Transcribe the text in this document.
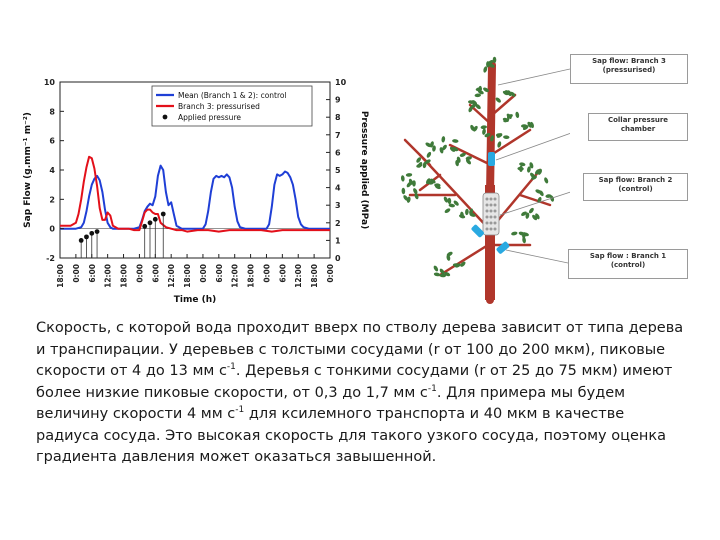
-2
0
2
4
6
8
10
0
1
2
3
4
5
6
7
8
9
10
18:00 0:00 6:00 12:00 18:00 0:00 6:00 12:00 18:00 0:00 6:00 12:00 18:00 0:00 6:00 12:00 18:00 0:00
Sap Flow (g.mm⁻¹ m⁻²)	Pressure applied (MPa)
Time (h)
Mean (Branch 1 & 2): control
Branch 3: pressurised
Applied pressure
Sap flow: Branch 3
(pressurised)
Collar pressure
chamber
Sap flow: Branch 2
(control)
Sap flow : Branch 1
(control)

Скорость, с которой вода проходит вверх по стволу дерева зависит от типа дерева и транспирации. У деревьев с толстыми сосудами (r от 100 до 200 мкм), пиковые скорости от 4 до 13 мм $с^{-1}$. Деревья с тонкими сосудами (r от 25 до 75 мкм) имеют более низкие пиковые скорости, от 0,3 до 1,7 мм $с^{-1}$. Для примера мы будем величину скорости 4 мм $с^{-1}$ для ксилемного транспорта и 40 мкм в качестве радиуса сосуда. Это высокая скорость для такого узкого сосуда, поэтому оценка градиента давления может оказаться завышенной.
